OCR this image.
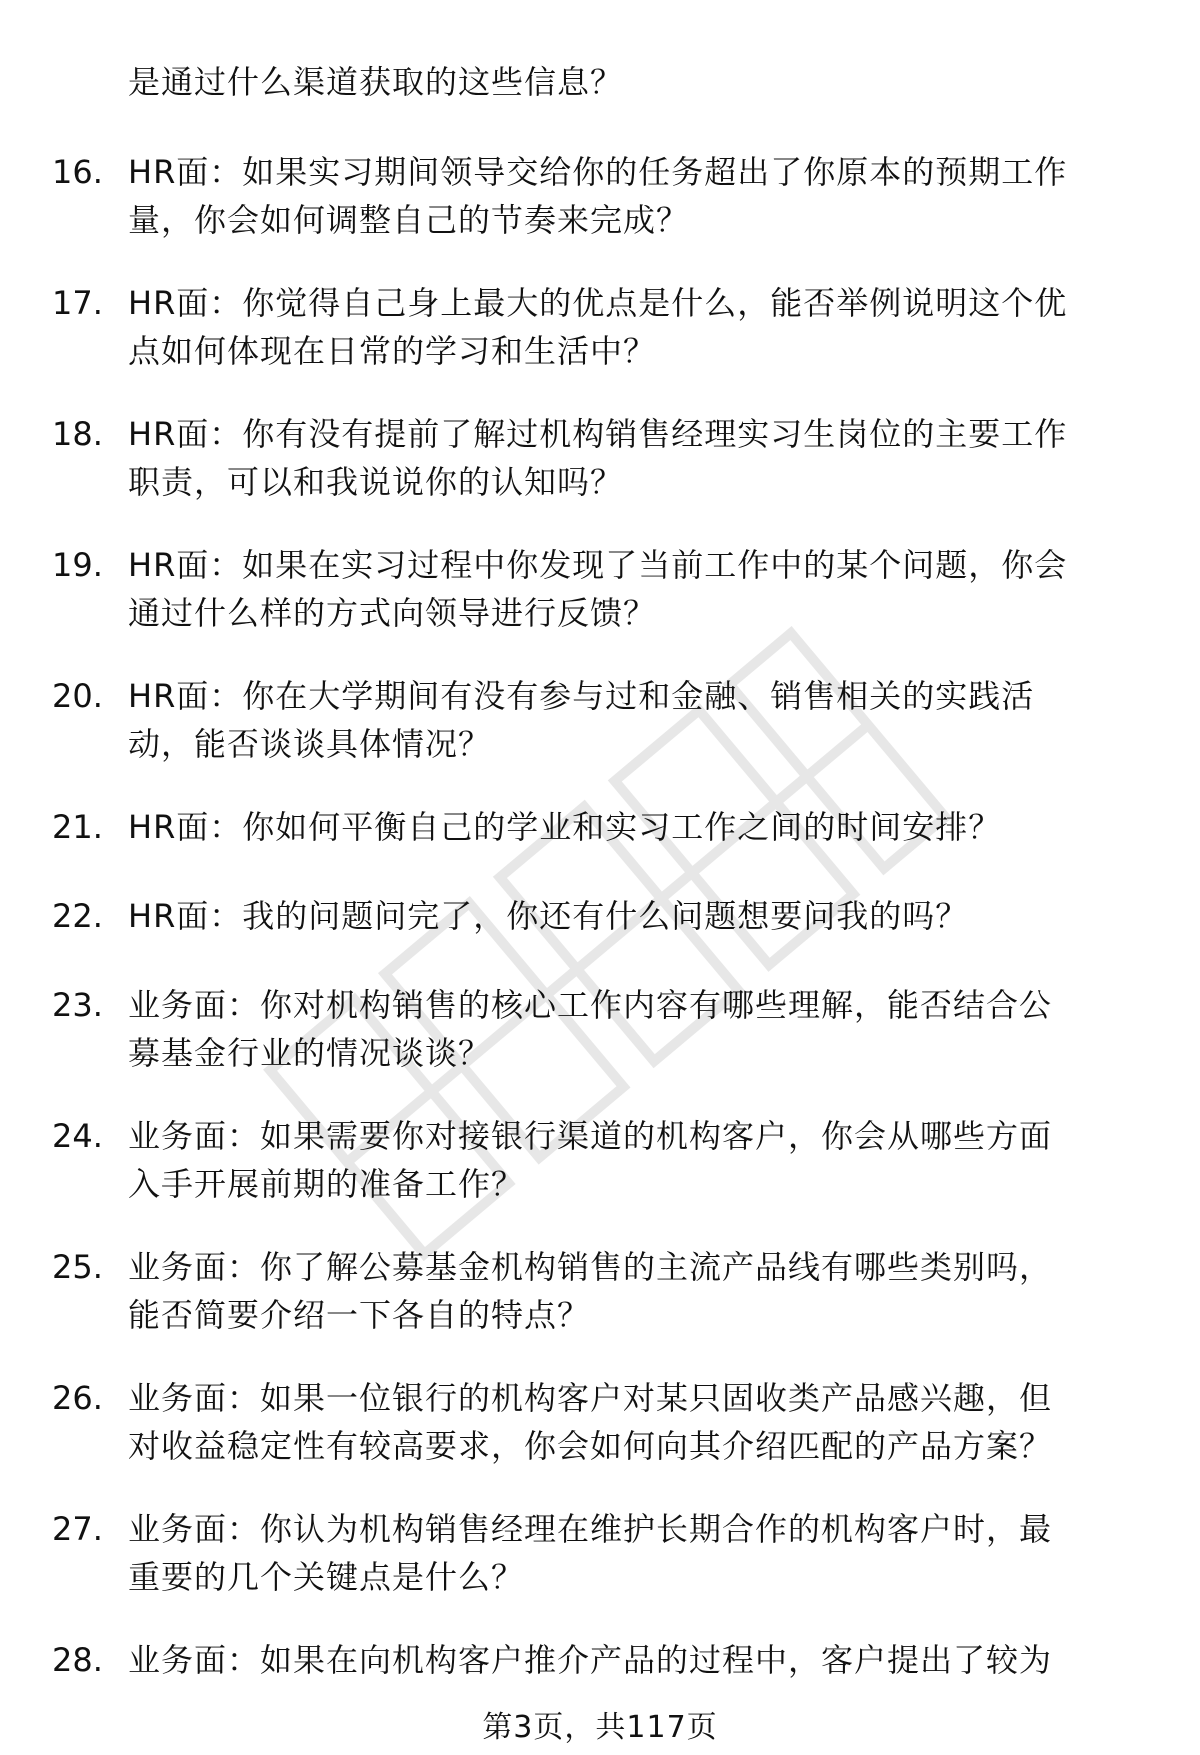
是通过什么渠道获取的这些信息？
16. HR面：如果实习期间领导交给你的任务超出了你原本的预期工作
量，你会如何调整自己的节奏来完成？
17. HR面：你觉得自己身上最大的优点是什么，能否举例说明这个优
点如何体现在日常的学习和生活中？
18. HR面：你有没有提前了解过机构销售经理实习生岗位的主要工作
职责，可以和我说说你的认知吗？
19. HR面：如果在实习过程中你发现了当前工作中的某个问题，你会
通过什么样的方式向领导进行反馈？
20. HR面：你在大学期间有没有参与过和金融、销售相关的实践活
动，能否谈谈具体情况？
21. HR面：你如何平衡自己的学业和实习工作之间的时间安排？
22. HR面：我的问题问完了，你还有什么问题想要问我的吗？
23. 业务面：你对机构销售的核心工作内容有哪些理解，能否结合公
募基金行业的情况谈谈？
24. 业务面：如果需要你对接银行渠道的机构客户，你会从哪些方面
入手开展前期的准备工作？
25. 业务面：你了解公募基金机构销售的主流产品线有哪些类别吗，
能否简要介绍一下各自的特点？
26. 业务面：如果一位银行的机构客户对某只固收类产品感兴趣，但
对收益稳定性有较高要求，你会如何向其介绍匹配的产品方案？
27. 业务面：你认为机构销售经理在维护长期合作的机构客户时，最
重要的几个关键点是什么？
28. 业务面：如果在向机构客户推介产品的过程中，客户提出了较为
第3页，共117页
